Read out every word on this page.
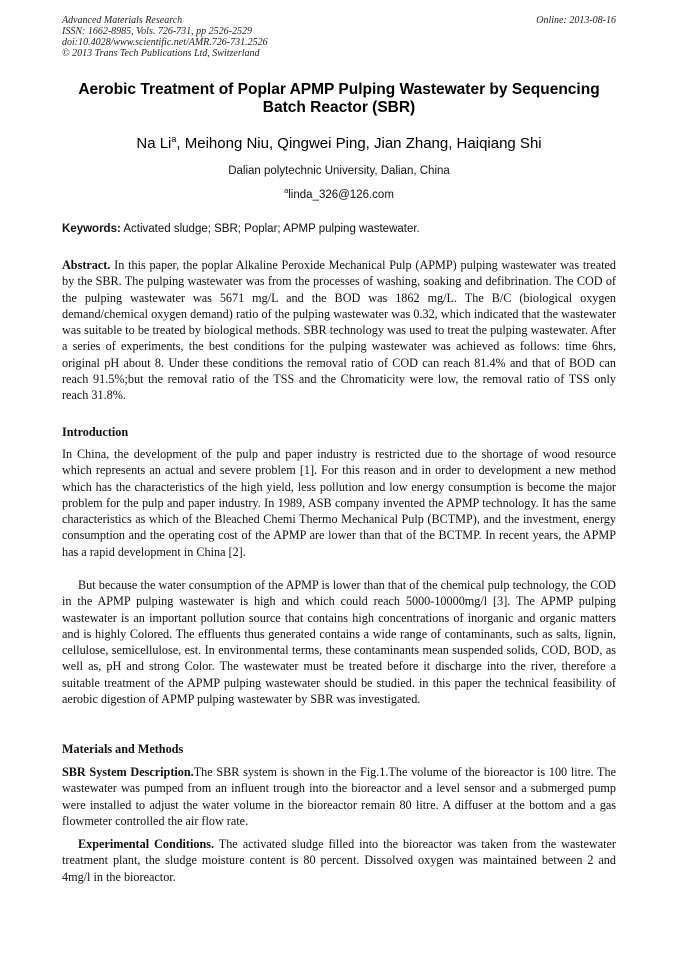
Advanced Materials Research
ISSN: 1662-8985, Vols. 726-731, pp 2526-2529
doi:10.4028/www.scientific.net/AMR.726-731.2526
© 2013 Trans Tech Publications Ltd, Switzerland
Online: 2013-08-16
Aerobic Treatment of Poplar APMP Pulping Wastewater by Sequencing Batch Reactor (SBR)
Na Li$^a$, Meihong Niu, Qingwei Ping, Jian Zhang, Haiqiang Shi
Dalian polytechnic University, Dalian, China
$^a$linda_326@126.com
Keywords: Activated sludge; SBR; Poplar; APMP pulping wastewater.

Abstract. In this paper, the poplar Alkaline Peroxide Mechanical Pulp (APMP) pulping wastewater was treated by the SBR. The pulping wastewater was from the processes of washing, soaking and defibrination. The COD of the pulping wastewater was 5671 mg/L and the BOD was 1862 mg/L. The B/C (biological oxygen demand/chemical oxygen demand) ratio of the pulping wastewater was 0.32, which indicated that the wastewater was suitable to be treated by biological methods. SBR technology was used to treat the pulping wastewater. After a series of experiments, the best conditions for the pulping wastewater was achieved as follows: time 6hrs, original pH about 8. Under these conditions the removal ratio of COD can reach 81.4% and that of BOD can reach 91.5%;but the removal ratio of the TSS and the Chromaticity were low, the removal ratio of TSS only reach 31.8%.

Introduction

In China, the development of the pulp and paper industry is restricted due to the shortage of wood resource which represents an actual and severe problem [1]. For this reason and in order to development a new method which has the characteristics of the high yield, less pollution and low energy consumption is become the major problem for the pulp and paper industry. In 1989, ASB company invented the APMP technology. It has the same characteristics as which of the Bleached Chemi Thermo Mechanical Pulp (BCTMP), and the investment, energy consumption and the operating cost of the APMP are lower than that of the BCTMP. In recent years, the APMP has a rapid development in China [2].

But because the water consumption of the APMP is lower than that of the chemical pulp technology, the COD in the APMP pulping wastewater is high and which could reach 5000-10000mg/l [3]. The APMP pulping wastewater is an important pollution source that contains high concentrations of inorganic and organic matters and is highly Colored. The effluents thus generated contains a wide range of contaminants, such as salts, lignin, cellulose, semicellulose, est. In environmental terms, these contaminants mean suspended solids, COD, BOD, as well as, pH and strong Color. The wastewater must be treated before it discharge into the river, therefore a suitable treatment of the APMP pulping wastewater should be studied. in this paper the technical feasibility of aerobic digestion of APMP pulping wastewater by SBR was investigated.

Materials and Methods

SBR System Description.The SBR system is shown in the Fig.1.The volume of the bioreactor is 100 litre. The wastewater was pumped from an influent trough into the bioreactor and a level sensor and a submerged pump were installed to adjust the water volume in the bioreactor remain 80 litre. A diffuser at the bottom and a gas flowmeter controlled the air flow rate.

Experimental Conditions. The activated sludge filled into the bioreactor was taken from the wastewater treatment plant, the sludge moisture content is 80 percent. Dissolved oxygen was maintained between 2 and 4mg/l in the bioreactor.
